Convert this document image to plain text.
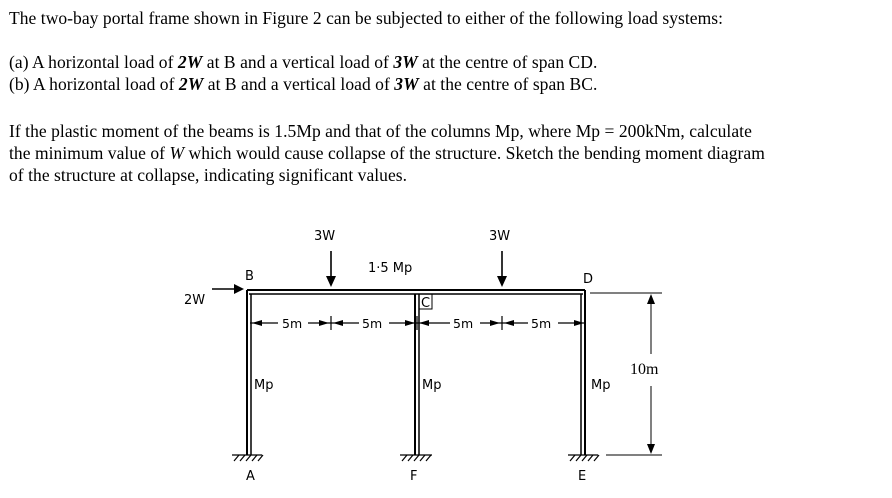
The two-bay portal frame shown in Figure 2 can be subjected to either of the following load systems:
(a) A horizontal load of 2W at B and a vertical load of 3W at the centre of span CD.
(b) A horizontal load of 2W at B and a vertical load of 3W at the centre of span BC.
If the plastic moment of the beams is 1.5Mp and that of the columns Mp, where Mp = 200kNm, calculate
the minimum value of W which would cause collapse of the structure. Sketch the bending moment diagram
of the structure at collapse, indicating significant values.
2W
3W	3W
1·5 Mp
Mp	Mp	Mp
A
B
C
D
E
F
5m	5m	5m	5m
10m
